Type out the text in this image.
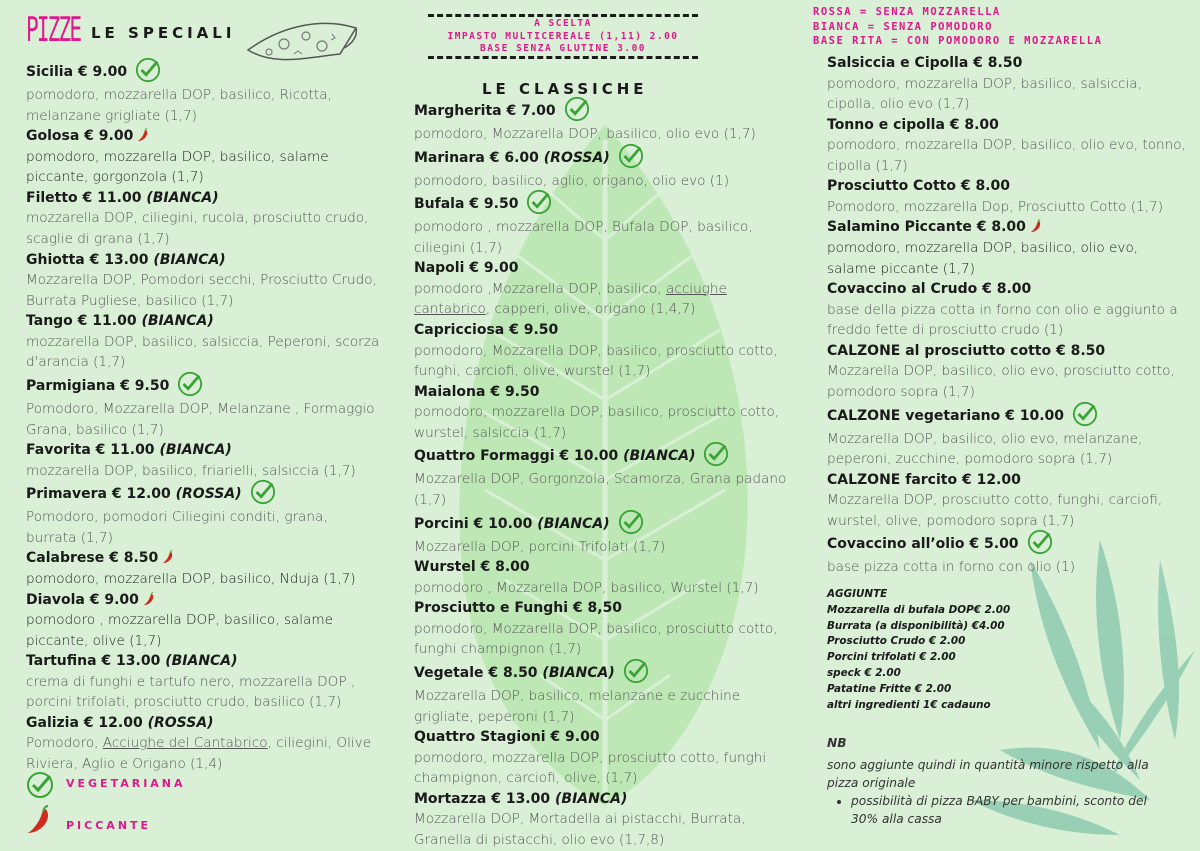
PIZZE LE SPECIALI
Sicilia € 9.00
pomodoro, mozzarella DOP, basilico, Ricotta, melanzane grigliate (1,7)
Golosa € 9.00
pomodoro, mozzarella DOP, basilico, salame piccante, gorgonzola (1,7)
Filetto € 11.00 (BIANCA)
mozzarella DOP, ciliegini, rucola, prosciutto crudo, scaglie di grana (1,7)
Ghiotta € 13.00 (BIANCA)
Mozzarella DOP, Pomodori secchi, Prosciutto Crudo, Burrata Pugliese, basilico (1,7)
Tango € 11.00 (BIANCA)
mozzarella DOP, basilico, salsiccia, Peperoni, scorza d'arancia (1,7)
Parmigiana € 9.50
Pomodoro, Mozzarella DOP, Melanzane , Formaggio Grana, basilico (1,7)
Favorita € 11.00 (BIANCA)
mozzarella DOP, basilico, friarielli, salsiccia (1,7)
Primavera € 12.00 (ROSSA)
Pomodoro, pomodori Ciliegini conditi, grana, burrata (1,7)
Calabrese € 8.50
pomodoro, mozzarella DOP, basilico, Nduja (1,7)
Diavola € 9.00
pomodoro , mozzarella DOP, basilico, salame piccante, olive (1,7)
Tartufina € 13.00 (BIANCA)
crema di funghi e tartufo nero, mozzarella DOP , porcini trifolati, prosciutto crudo, basilico (1,7)
Galizia € 12.00 (ROSSA)
Pomodoro, Acciughe del Cantabrico, ciliegini, Olive Riviera, Aglio e Origano (1,4)
VEGETARIANA
PICCANTE
A SCELTA
IMPASTO MULTICEREALE (1,11) 2.00
BASE SENZA GLUTINE 3.00
LE CLASSICHE
Margherita € 7.00
pomodoro, Mozzarella DOP, basilico, olio evo (1,7)
Marinara € 6.00 (ROSSA)
pomodoro, basilico, aglio, origano, olio evo (1)
Bufala € 9.50
pomodoro , mozzarella DOP, Bufala DOP, basilico, ciliegini (1,7)
Napoli € 9.00
pomodoro ,Mozzarella DOP, basilico, acciughe cantabrico, capperi, olive, origano (1,4,7)
Capricciosa € 9.50
pomodoro, Mozzarella DOP, basilico, prosciutto cotto, funghi, carciofi, olive, wurstel (1,7)
Maialona € 9.50
pomodoro, mozzarella DOP, basilico, prosciutto cotto, wurstel, salsiccia (1,7)
Quattro Formaggi € 10.00 (BIANCA)
Mozzarella DOP, Gorgonzola, Scamorza, Grana padano (1,7)
Porcini € 10.00 (BIANCA)
Mozzarella DOP, porcini Trifolati (1,7)
Wurstel € 8.00
pomodoro , Mozzarella DOP, basilico, Wurstel (1,7)
Prosciutto e Funghi € 8,50
pomodoro, Mozzarella DOP, basilico, prosciutto cotto, funghi champignon (1,7)
Vegetale € 8.50 (BIANCA)
Mozzarella DOP, basilico, melanzane e zucchine grigliate, peperoni (1,7)
Quattro Stagioni € 9.00
pomodoro, mozzarella DOP, prosciutto cotto, funghi champignon, carciofi, olive, (1,7)
Mortazza € 13.00 (BIANCA)
Mozzarella DOP, Mortadella ai pistacchi, Burrata, Granella di pistacchi, olio evo (1,7,8)
ROSSA = SENZA MOZZARELLA
BIANCA = SENZA POMODORO
BASE RITA = CON POMODORO E MOZZARELLA
Salsiccia e Cipolla € 8.50
pomodoro, mozzarella DOP, basilico, salsiccia, cipolla, olio evo (1,7)
Tonno e cipolla € 8.00
pomodoro, mozzarella DOP, basilico, olio evo, tonno, cipolla (1,7)
Prosciutto Cotto € 8.00
Pomodoro, mozzarella Dop, Prosciutto Cotto (1,7)
Salamino Piccante € 8.00
pomodoro, mozzarella DOP, basilico, olio evo, salame piccante (1,7)
Covaccino al Crudo € 8.00
base della pizza cotta in forno con olio e aggiunto a freddo fette di prosciutto crudo (1)
CALZONE al prosciutto cotto € 8.50
Mozzarella DOP, basilico, olio evo, prosciutto cotto, pomodoro sopra (1,7)
CALZONE vegetariano € 10.00
Mozzarella DOP, basilico, olio evo, melanzane, peperoni, zucchine, pomodoro sopra (1,7)
CALZONE farcito € 12.00
Mozzarella DOP, prosciutto cotto, funghi, carciofi, wurstel, olive, pomodoro sopra (1,7)
Covaccino all’olio € 5.00
base pizza cotta in forno con olio (1)
AGGIUNTE
Mozzarella di bufala DOP€ 2.00
Burrata (a disponibilità) €4.00
Prosciutto Crudo € 2.00
Porcini trifolati € 2.00
speck € 2.00
Patatine Fritte € 2.00
altri ingredienti 1€ cadauno
NB
sono aggiunte quindi in quantità minore rispetto alla pizza originale
• possibilità di pizza BABY per bambini, sconto del 30% alla cassa
